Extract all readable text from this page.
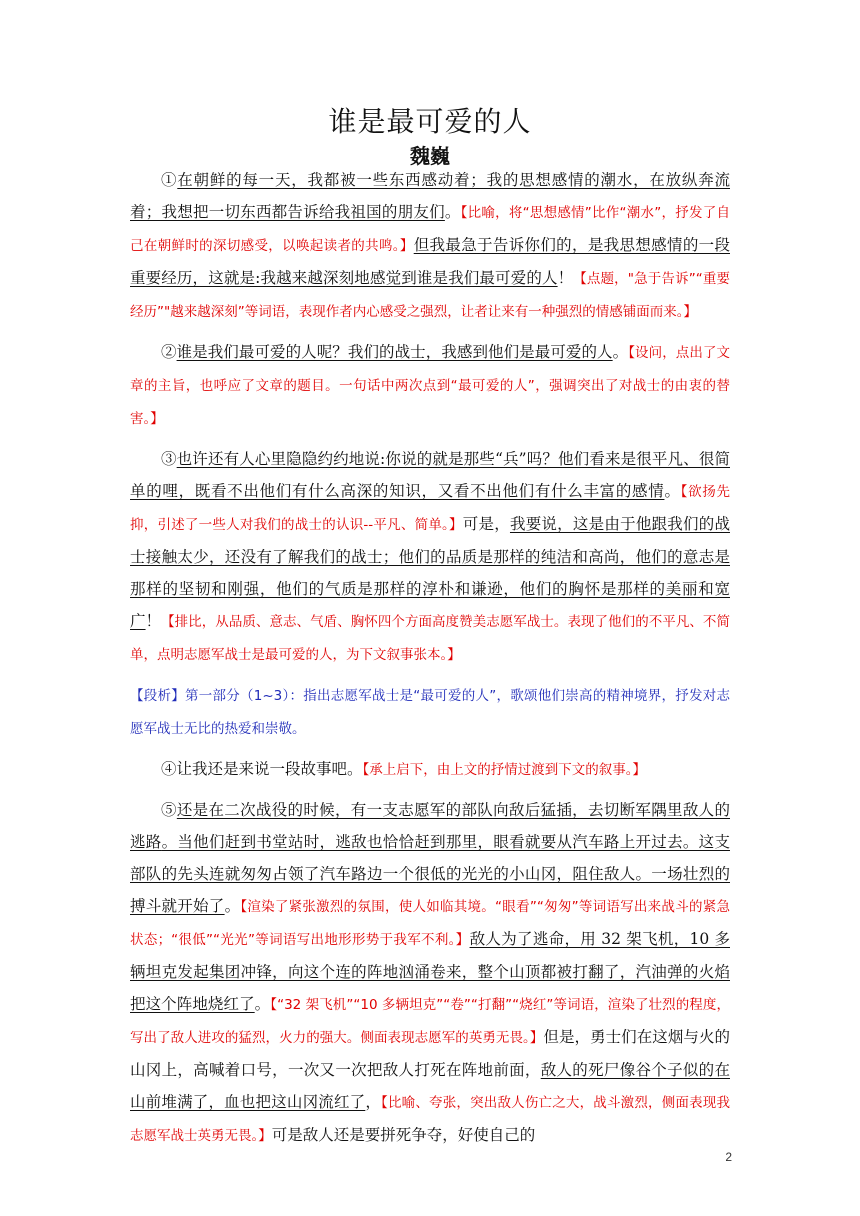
谁是最可爱的人
魏巍

①在朝鲜的每一天，我都被一些东西感动着；我的思想感情的潮水，在放纵奔流着；我想把一切东西都告诉给我祖国的朋友们。【比喻，将“思想感情”比作“潮水”，抒发了自己在朝鲜时的深切感受，以唤起读者的共鸣。】但我最急于告诉你们的，是我思想感情的一段重要经历，这就是:我越来越深刻地感觉到谁是我们最可爱的人！【点题，"急于告诉”“重要经历”"越来越深刻”等词语，表现作者内心感受之强烈，让者让来有一种强烈的情感铺面而来。】

②谁是我们最可爱的人呢？我们的战士，我感到他们是最可爱的人。【设问，点出了文章的主旨，也呼应了文章的题目。一句话中两次点到“最可爱的人”，强调突出了对战士的由衷的替害。】

③也许还有人心里隐隐约约地说:你说的就是那些“兵”吗？他们看来是很平凡、很简单的哩，既看不出他们有什么高深的知识，又看不出他们有什么丰富的感情。【欲扬先抑，引述了一些人对我们的战士的认识--平凡、简单。】可是，我要说，这是由于他跟我们的战士接触太少，还没有了解我们的战士；他们的品质是那样的纯洁和高尚，他们的意志是那样的坚韧和刚强，他们的气质是那样的淳朴和谦逊，他们的胸怀是那样的美丽和宽广！【排比，从品质、意志、气盾、胸怀四个方面高度赞美志愿军战士。表现了他们的不平凡、不简单，点明志愿军战士是最可爱的人，为下文叙事张本。】

【段析】第一部分（1~3）：指出志愿军战士是“最可爱的人”，歌颂他们崇高的精神境界，抒发对志愿军战士无比的热爱和崇敬。

④让我还是来说一段故事吧。【承上启下，由上文的抒情过渡到下文的叙事。】

⑤还是在二次战役的时候，有一支志愿军的部队向敌后猛插，去切断军隅里敌人的逃路。当他们赶到书堂站时，逃敌也恰恰赶到那里，眼看就要从汽车路上开过去。这支部队的先头连就匆匆占领了汽车路边一个很低的光光的小山冈，阻住敌人。一场壮烈的搏斗就开始了。【渲染了紧张激烈的氛围，使人如临其境。“眼看”“匆匆”等词语写出来战斗的紧急状态；“很低”“光光”等词语写出地形形势于我军不利。】敌人为了逃命，用 32 架飞机，10 多辆坦克发起集团冲锋，向这个连的阵地汹涌卷来，整个山顶都被打翻了，汽油弹的火焰把这个阵地烧红了。【“32 架飞机”“10 多辆坦克”“卷”“打翻”“烧红”等词语，渲染了壮烈的程度，写出了敌人进攻的猛烈，火力的强大。侧面表现志愿军的英勇无畏。】但是，勇士们在这烟与火的山冈上，高喊着口号，一次又一次把敌人打死在阵地前面，敌人的死尸像谷个子似的在山前堆满了，血也把这山冈流红了，【比喻、夸张，突出敌人伤亡之大，战斗激烈，侧面表现我志愿军战士英勇无畏。】可是敌人还是要拼死争夺，好使自己的

2
